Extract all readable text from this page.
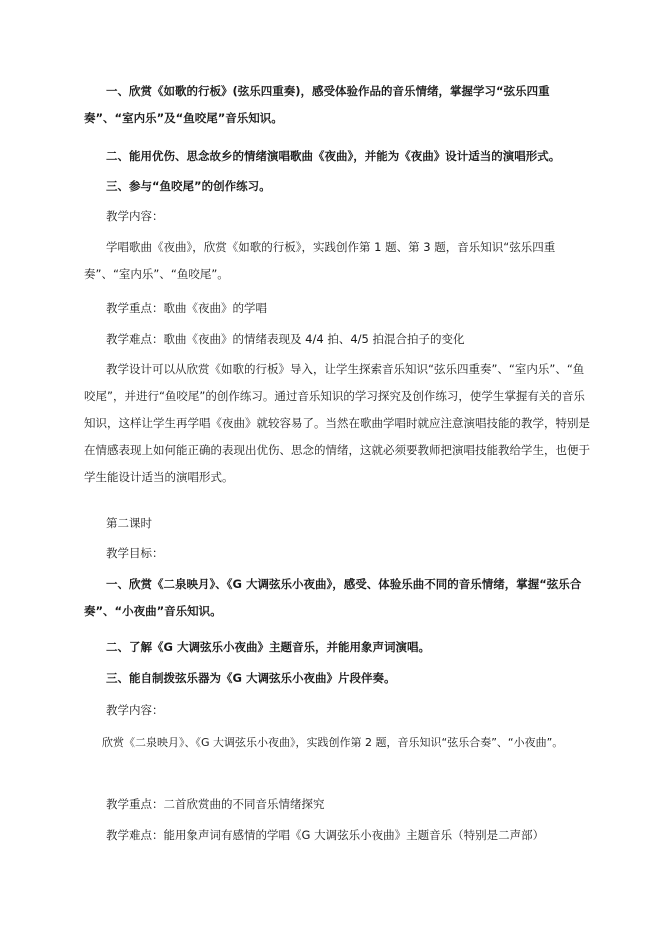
一、欣赏《如歌的行板》(弦乐四重奏)，感受体验作品的音乐情绪，掌握学习“弦乐四重奏”、“室内乐”及“鱼咬尾”音乐知识。

二、能用优伤、思念故乡的情绪演唱歌曲《夜曲》，并能为《夜曲》设计适当的演唱形式。

三、参与“鱼咬尾”的创作练习。

教学内容：

学唱歌曲《夜曲》，欣赏《如歌的行板》，实践创作第 1 题、第 3 题，音乐知识“弦乐四重奏”、“室内乐”、“鱼咬尾”。

教学重点：歌曲《夜曲》的学唱

教学难点：歌曲《夜曲》的情绪表现及 4/4 拍、4/5 拍混合拍子的变化

教学设计可以从欣赏《如歌的行板》导入，让学生探索音乐知识“弦乐四重奏”、“室内乐”、“鱼咬尾”，并进行“鱼咬尾”的创作练习。通过音乐知识的学习探究及创作练习，使学生掌握有关的音乐知识，这样让学生再学唱《夜曲》就较容易了。当然在歌曲学唱时就应注意演唱技能的教学，特别是在情感表现上如何能正确的表现出优伤、思念的情绪，这就必须要教师把演唱技能教给学生，也便于学生能设计适当的演唱形式。

第二课时

教学目标：

一、欣赏《二泉映月》、《G 大调弦乐小夜曲》，感受、体验乐曲不同的音乐情绪，掌握“弦乐合奏”、“小夜曲”音乐知识。

二、了解《G 大调弦乐小夜曲》主题音乐，并能用象声词演唱。

三、能自制拨弦乐器为《G 大调弦乐小夜曲》片段伴奏。

教学内容：

欣赏《二泉映月》、《G 大调弦乐小夜曲》，实践创作第 2 题，音乐知识“弦乐合奏”、“小夜曲”。

教学重点：二首欣赏曲的不同音乐情绪探究

教学难点：能用象声词有感情的学唱《G 大调弦乐小夜曲》主题音乐（特别是二声部）
